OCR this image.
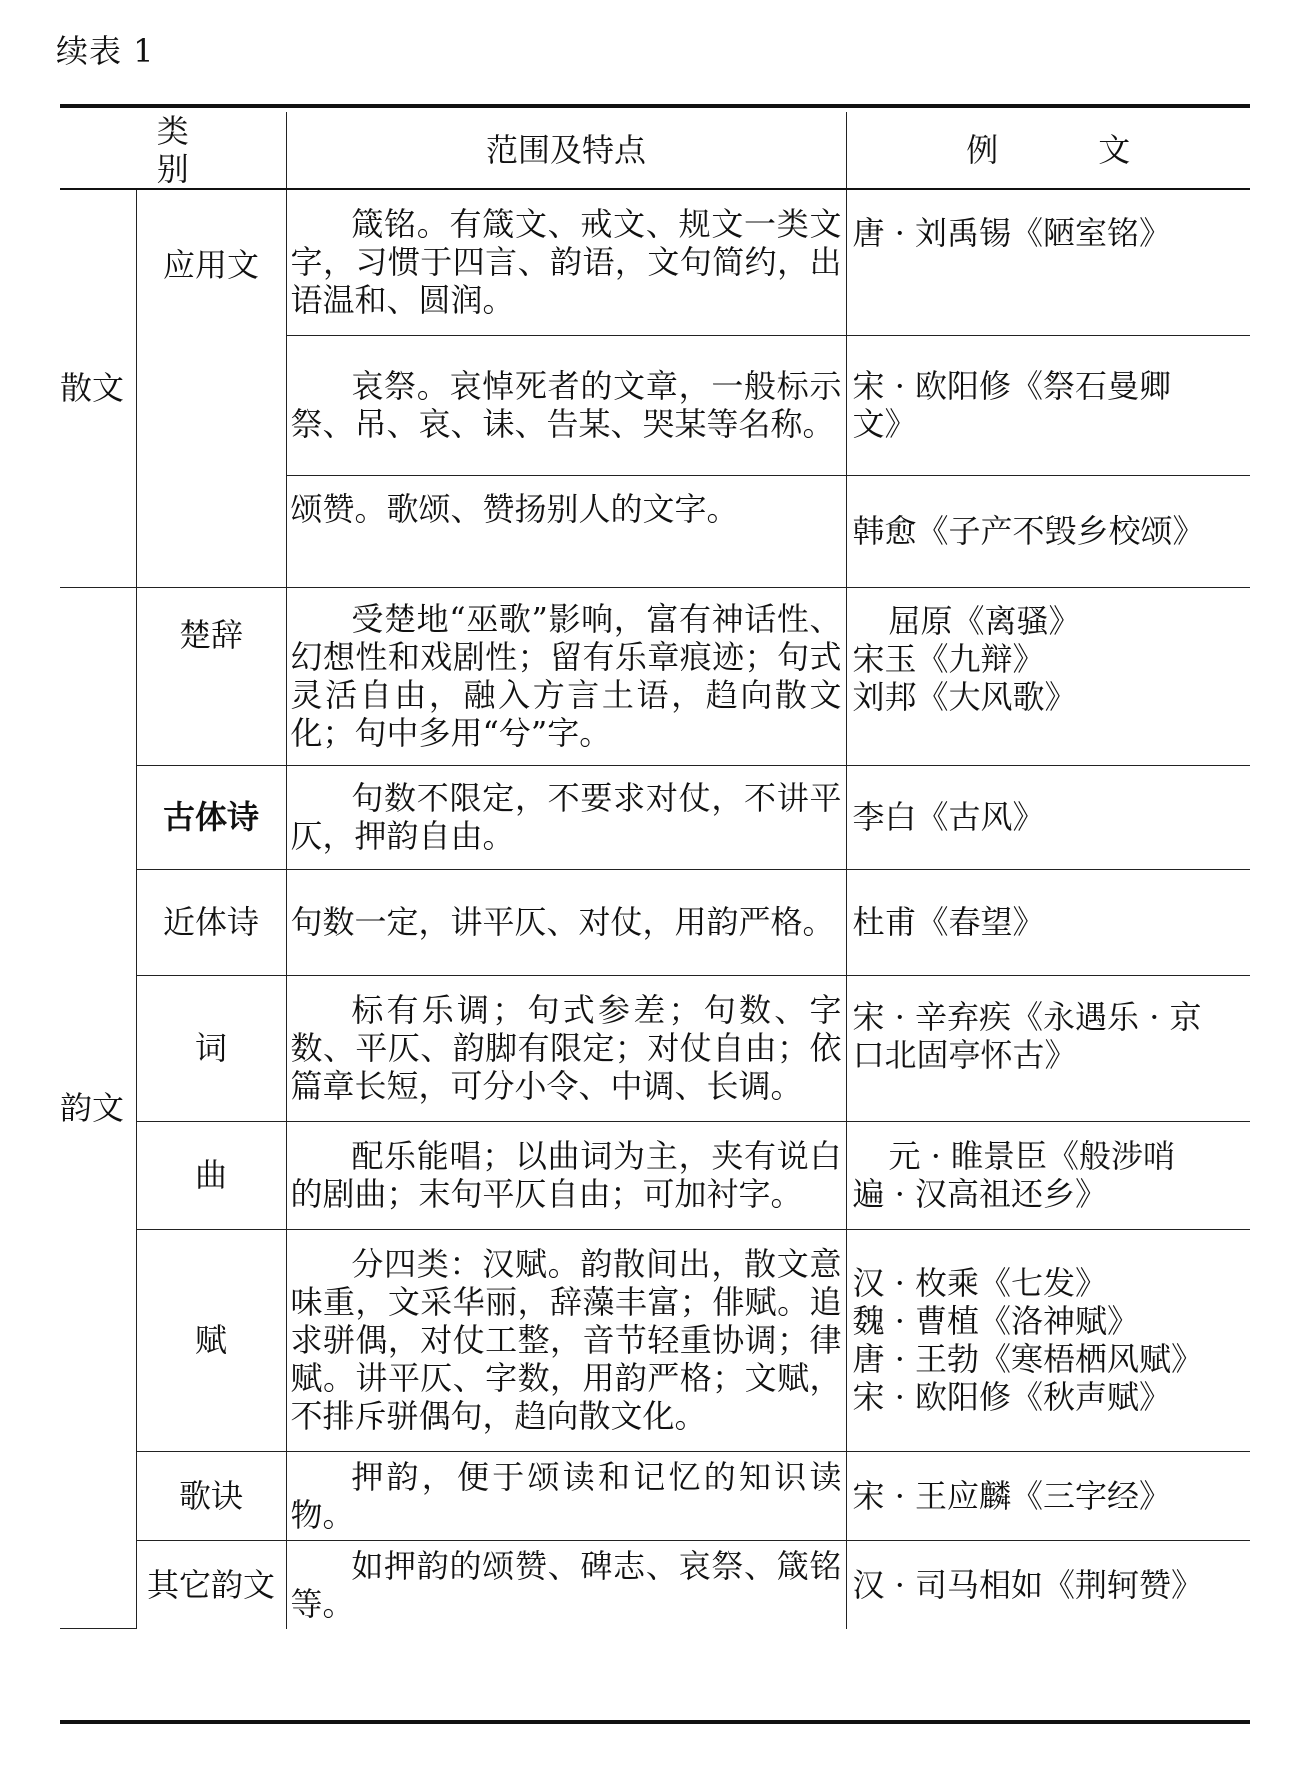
续表 1
类别		范围及特点	例文
散文	应用文	箴铭。有箴文、戒文、规文一类文字，习惯于四言、韵语，文句简约，出语温和、圆润。	唐 · 刘禹锡《陋室铭》

		哀祭。哀悼死者的文章，一般标示祭、吊、哀、诔、告某、哭某等名称。	宋 · 欧阳修《祭石曼卿
文》

		颂赞。歌颂、赞扬别人的文字。	韩愈《子产不毁乡校颂》

韵文	楚辞	受楚地“巫歌”影响，富有神话性、幻想性和戏剧性；留有乐章痕迹；句式灵活自由，融入方言土语，趋向散文化；句中多用“兮”字。	屈原《离骚》
宋玉《九辩》
刘邦《大风歌》

	古体诗	句数不限定，不要求对仗，不讲平仄，押韵自由。	李白《古风》

	近体诗	句数一定，讲平仄、对仗，用韵严格。	杜甫《春望》

	词	标有乐调；句式参差；句数、字数、平仄、韵脚有限定；对仗自由；依篇章长短，可分小令、中调、长调。	宋 · 辛弃疾《永遇乐 · 京
口北固亭怀古》

	曲	配乐能唱；以曲词为主，夹有说白的剧曲；末句平仄自由；可加衬字。	元 · 睢景臣《般涉哨
遍 · 汉高祖还乡》

	赋	分四类：汉赋。韵散间出，散文意味重，文采华丽，辞藻丰富；俳赋。追求骈偶，对仗工整，音节轻重协调；律赋。讲平仄、字数，用韵严格；文赋，不排斥骈偶句，趋向散文化。	汉 · 枚乘《七发》
魏 · 曹植《洛神赋》
唐 · 王勃《寒梧栖风赋》
宋 · 欧阳修《秋声赋》

	歌诀	押韵，便于颂读和记忆的知识读物。	宋 · 王应麟《三字经》

	其它韵文	如押韵的颂赞、碑志、哀祭、箴铭等。	汉 · 司马相如《荆轲赞》
